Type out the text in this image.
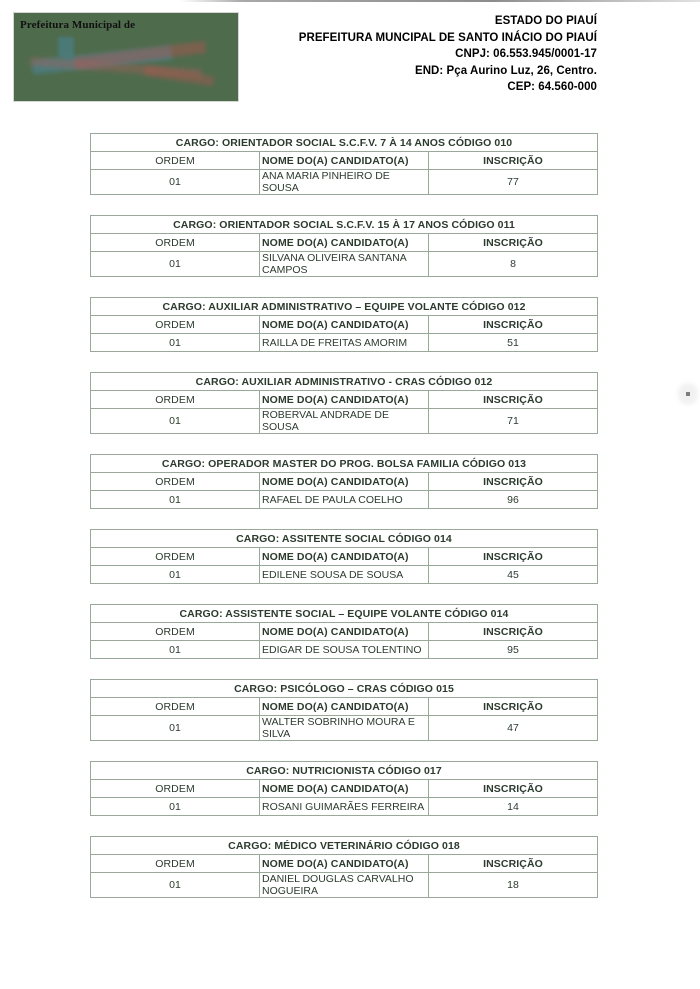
Prefeitura Municipal de	ESTADO DO PIAUÍ
PREFEITURA MUNCIPAL DE SANTO INÁCIO DO PIAUÍ
CNPJ: 06.553.945/0001-17
END: Pça Aurino Luz, 26, Centro.
CEP: 64.560-000
CARGO: ORIENTADOR SOCIAL S.C.F.V. 7 À 14 ANOS CÓDIGO 010		
ORDEM	NOME DO(A) CANDIDATO(A)	INSCRIÇÃO
01	ANA MARIA PINHEIRO DE SOUSA	77
CARGO: ORIENTADOR SOCIAL S.C.F.V. 15 À 17 ANOS CÓDIGO 011		
ORDEM	NOME DO(A) CANDIDATO(A)	INSCRIÇÃO
01	SILVANA OLIVEIRA SANTANA CAMPOS	8
CARGO: AUXILIAR ADMINISTRATIVO – EQUIPE VOLANTE CÓDIGO 012		
ORDEM	NOME DO(A) CANDIDATO(A)	INSCRIÇÃO
01	RAILLA DE FREITAS AMORIM	51
CARGO: AUXILIAR ADMINISTRATIVO - CRAS CÓDIGO 012		
ORDEM	NOME DO(A) CANDIDATO(A)	INSCRIÇÃO
01	ROBERVAL ANDRADE DE SOUSA	71
CARGO: OPERADOR MASTER DO PROG. BOLSA FAMILIA CÓDIGO 013		
ORDEM	NOME DO(A) CANDIDATO(A)	INSCRIÇÃO
01	RAFAEL DE PAULA COELHO	96
CARGO: ASSITENTE SOCIAL CÓDIGO 014		
ORDEM	NOME DO(A) CANDIDATO(A)	INSCRIÇÃO
01	EDILENE SOUSA DE SOUSA	45
CARGO: ASSISTENTE SOCIAL – EQUIPE VOLANTE CÓDIGO 014		
ORDEM	NOME DO(A) CANDIDATO(A)	INSCRIÇÃO
01	EDIGAR DE SOUSA TOLENTINO	95
CARGO: PSICÓLOGO – CRAS CÓDIGO 015		
ORDEM	NOME DO(A) CANDIDATO(A)	INSCRIÇÃO
01	WALTER SOBRINHO MOURA E SILVA	47
CARGO: NUTRICIONISTA CÓDIGO 017		
ORDEM	NOME DO(A) CANDIDATO(A)	INSCRIÇÃO
01	ROSANI GUIMARÃES FERREIRA	14
CARGO: MÉDICO VETERINÁRIO CÓDIGO 018		
ORDEM	NOME DO(A) CANDIDATO(A)	INSCRIÇÃO
01	DANIEL DOUGLAS CARVALHO NOGUEIRA	18
